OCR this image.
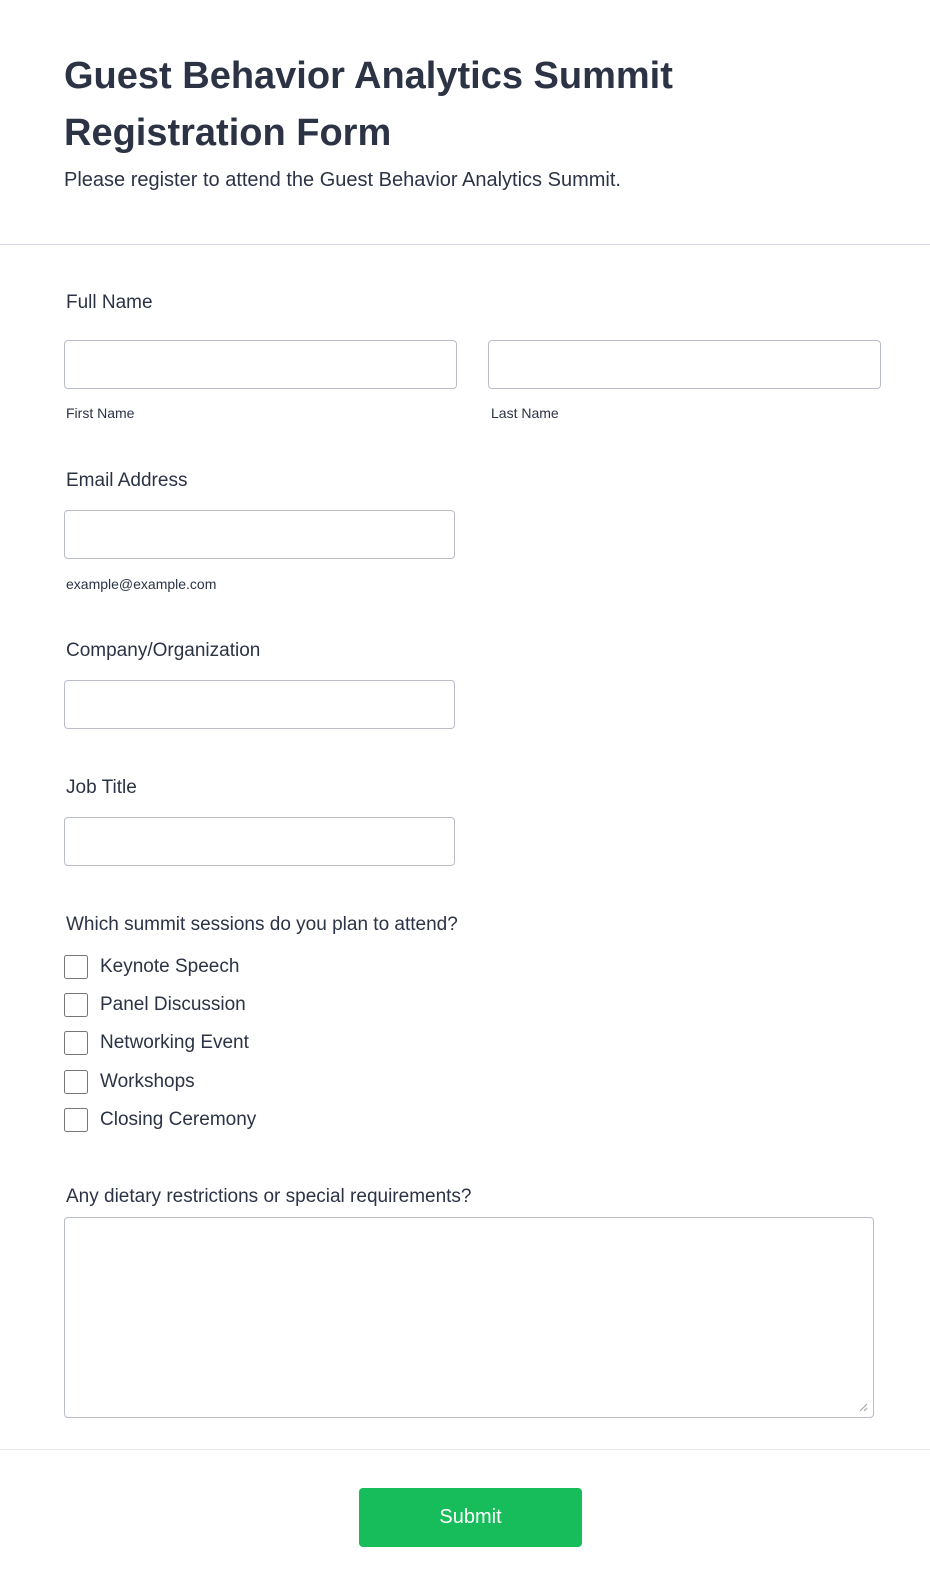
Guest Behavior Analytics Summit Registration Form

Please register to attend the Guest Behavior Analytics Summit.

Full Name
First Name	Last Name
Email Address
example@example.com
Company/Organization
Job Title
Which summit sessions do you plan to attend?
Keynote Speech
Panel Discussion
Networking Event
Workshops
Closing Ceremony
Any dietary restrictions or special requirements?
Submit
